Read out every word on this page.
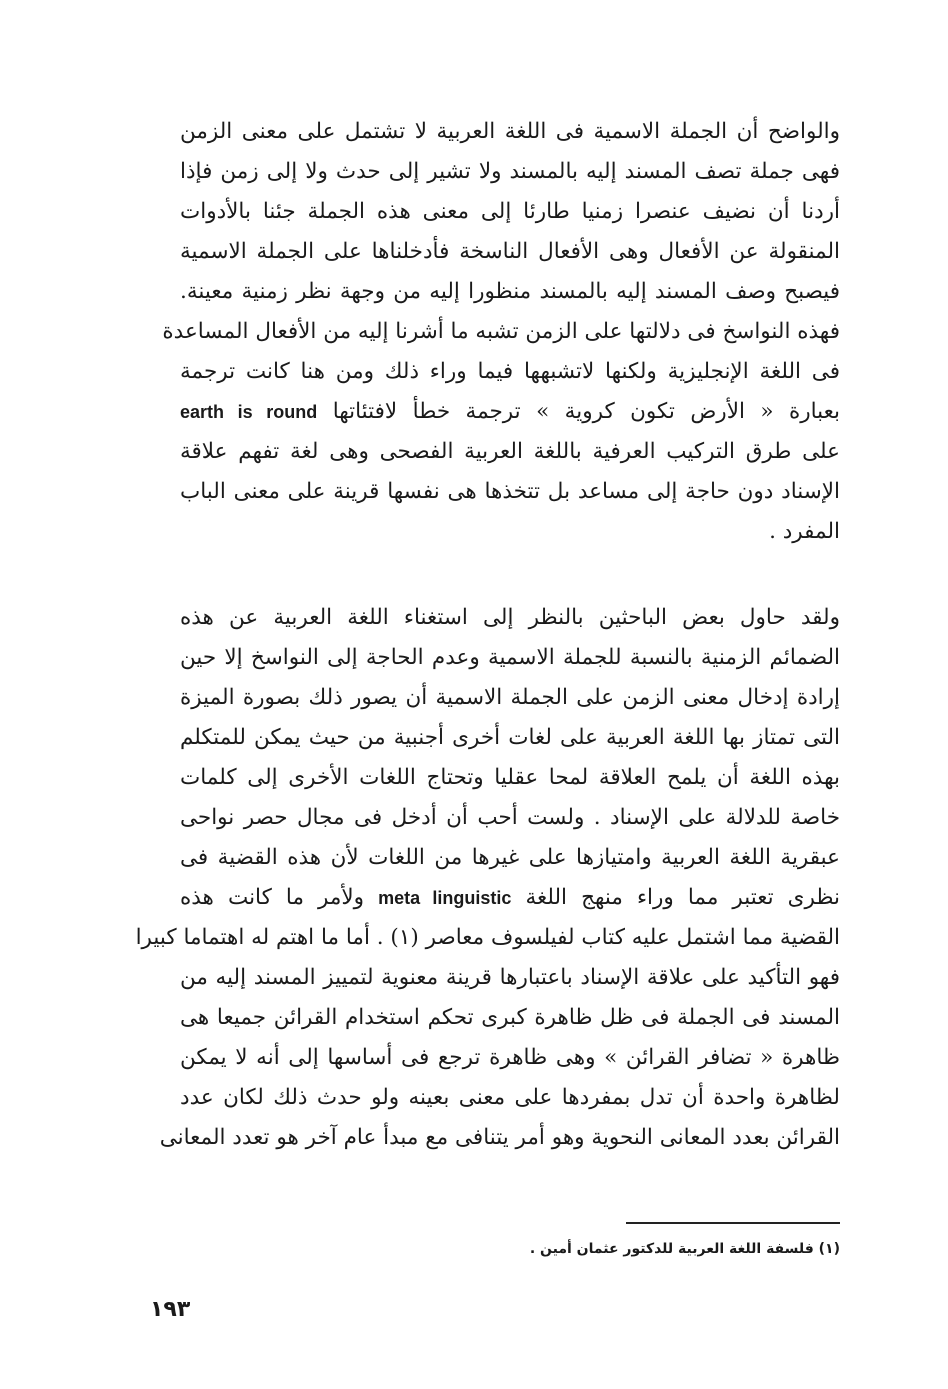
والواضح أن الجملة الاسمية فى اللغة العربية لا تشتمل على معنى الزمن
فهى جملة تصف المسند إليه بالمسند ولا تشير إلى حدث ولا إلى زمن فإذا
أردنا أن نضيف عنصرا زمنيا طارئا إلى معنى هذه الجملة جئنا بالأدوات
المنقولة عن الأفعال وهى الأفعال الناسخة فأدخلناها على الجملة الاسمية
فيصبح وصف المسند إليه بالمسند منظورا إليه من وجهة نظر زمنية معينة.
فهذه النواسخ فى دلالتها على الزمن تشبه ما أشرنا إليه من الأفعال المساعدة
فى اللغة الإنجليزية ولكنها لاتشبهها فيما وراء ذلك ومن هنا كانت ترجمة
بعبارة « الأرض تكون كروية » ترجمة خطأ لافتئاتها earth is round
على طرق التركيب العرفية باللغة العربية الفصحى وهى لغة تفهم علاقة
الإسناد دون حاجة إلى مساعد بل تتخذها هى نفسها قرينة على معنى الباب
المفرد .
ولقد حاول بعض الباحثين بالنظر إلى استغناء اللغة العربية عن هذه
الضمائم الزمنية بالنسبة للجملة الاسمية وعدم الحاجة إلى النواسخ إلا حين
إرادة إدخال معنى الزمن على الجملة الاسمية أن يصور ذلك بصورة الميزة
التى تمتاز بها اللغة العربية على لغات أخرى أجنبية من حيث يمكن للمتكلم
بهذه اللغة أن يلمح العلاقة لمحا عقليا وتحتاج اللغات الأخرى إلى كلمات
خاصة للدلالة على الإسناد . ولست أحب أن أدخل فى مجال حصر نواحى
عبقرية اللغة العربية وامتيازها على غيرها من اللغات لأن هذه القضية فى
نظرى تعتبر مما وراء منهج اللغة meta linguistic ولأمر ما كانت هذه
القضية مما اشتمل عليه كتاب لفيلسوف معاصر (١) . أما ما اهتم له اهتماما كبيرا
فهو التأكيد على علاقة الإسناد باعتبارها قرينة معنوية لتمييز المسند إليه من
المسند فى الجملة فى ظل ظاهرة كبرى تحكم استخدام القرائن جميعا هى
ظاهرة « تضافر القرائن » وهى ظاهرة ترجع فى أساسها إلى أنه لا يمكن
لظاهرة واحدة أن تدل بمفردها على معنى بعينه ولو حدث ذلك لكان عدد
القرائن بعدد المعانى النحوية وهو أمر يتنافى مع مبدأ عام آخر هو تعدد المعانى
(١) فلسفة اللغة العربية للدكتور عثمان أمين .
١٩٣
